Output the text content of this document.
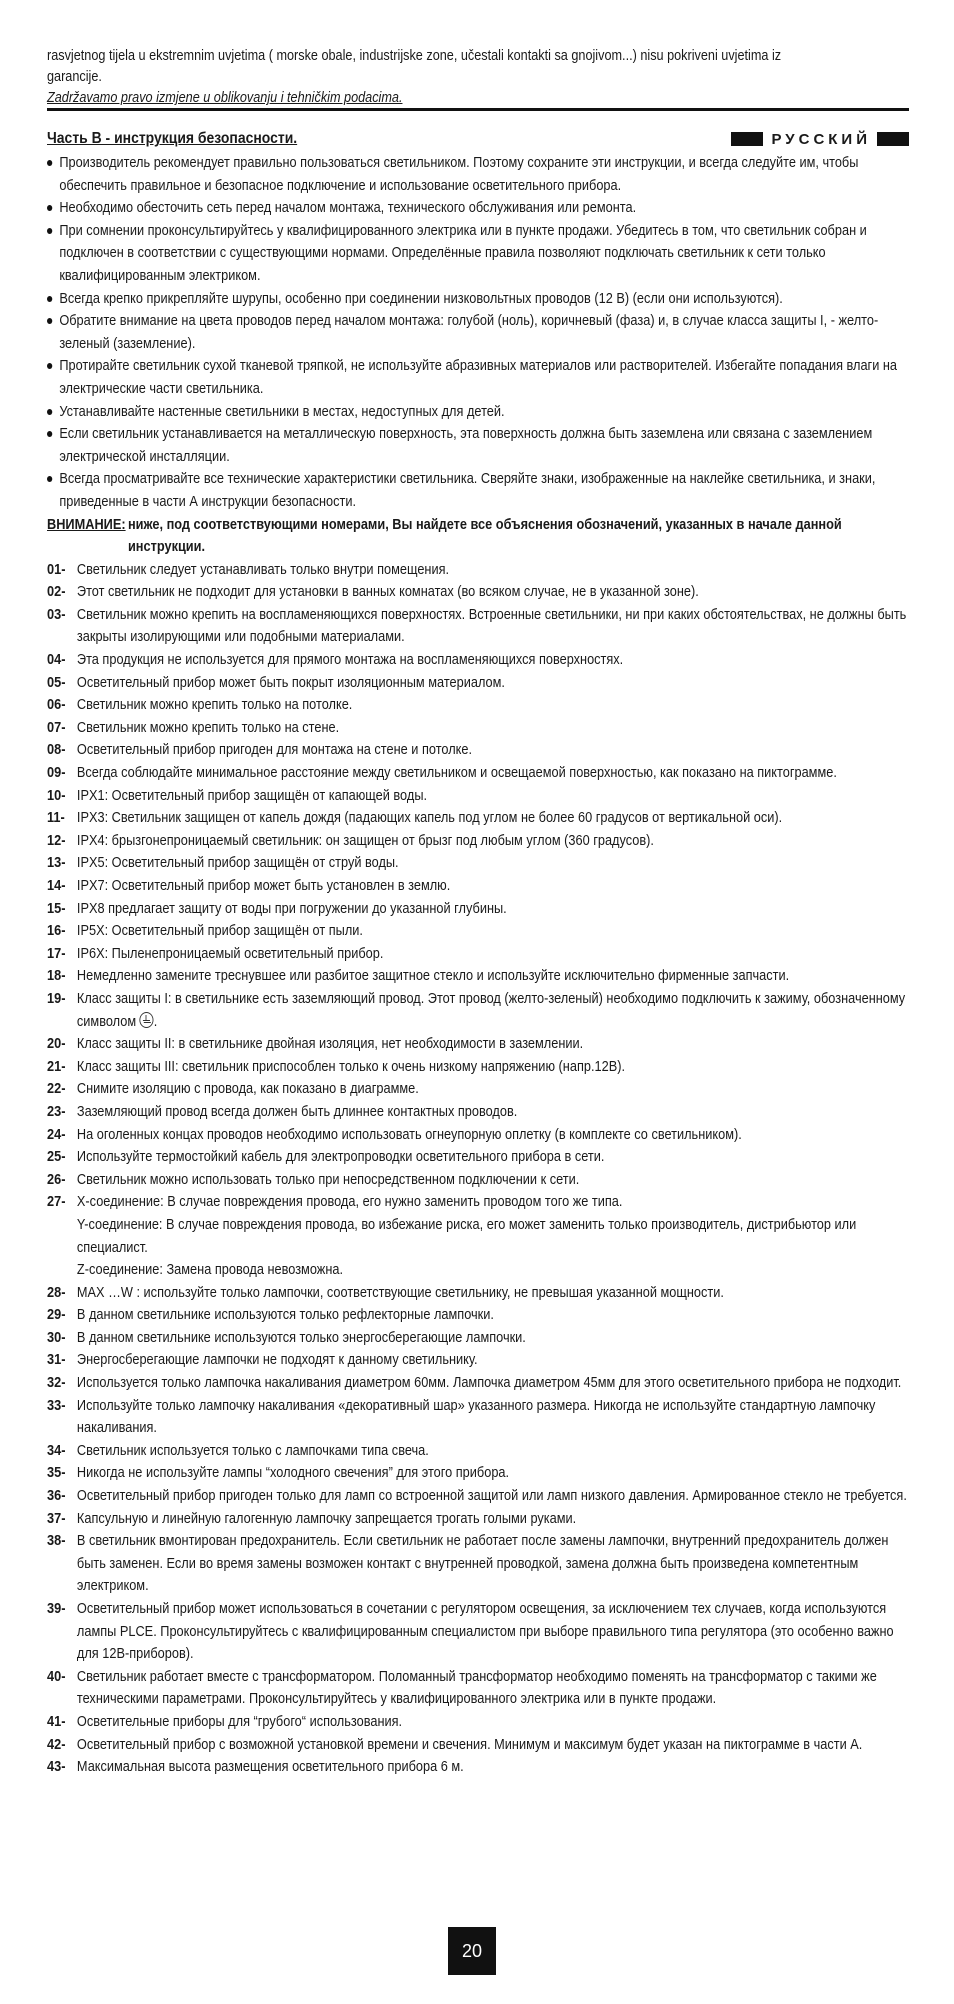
rasvjetnog tijela u ekstremnim uvjetima ( morske obale, industrijske zone, učestali kontakti sa gnojivom...) nisu pokriveni uvjetima iz
garancije.
Zadržavamo pravo izmjene u oblikovanju i tehničkim podacima.
Часть В - инструкция безопасности.	РУССКИЙ
Производитель рекомендует правильно пользоваться светильником. Поэтому сохраните эти инструкции, и всегда следуйте им, чтобы обеспечить правильное и безопасное подключение и использование осветительного прибора.
Необходимо обесточить сеть перед началом монтажа, технического обслуживания или ремонта.
При сомнении проконсультируйтесь у квалифицированного электрика или в пункте продажи. Убедитесь в том, что светильник собран и подключен в соответствии с существующими нормами. Определённые правила позволяют подключать светильник к сети только квалифицированным электриком.
Всегда крепко прикрепляйте шурупы, особенно при соединении низковольтных проводов (12 В) (если они используются).
Обратите внимание на цвета проводов перед началом монтажа: голубой (ноль), коричневый (фаза) и, в случае класса защиты I, - желто-зеленый (заземление).
Протирайте светильник сухой тканевой тряпкой, не используйте абразивных материалов или растворителей. Избегайте попадания влаги на электрические части светильника.
Устанавливайте настенные светильники в местах, недоступных для детей.
Если светильник устанавливается на металлическую поверхность, эта поверхность должна быть заземлена или связана с заземлением электрической инсталляции.
Всегда просматривайте все технические характеристики светильника. Сверяйте знаки, изображенные на наклейке светильника, и знаки, приведенные в части А инструкции безопасности.
ВНИМАНИЕ: ниже, под соответствующими номерами, Вы найдете все объяснения обозначений, указанных в начале данной инструкции.
01- Светильник следует устанавливать только внутри помещения.
02- Этот светильник не подходит для установки в ванных комнатах (во всяком случае, не в указанной зоне).
03- Светильник можно крепить на воспламеняющихся поверхностях. Встроенные светильники, ни при каких обстоятельствах, не должны быть закрыты изолирующими или подобными материалами.
04- Эта продукция не используется для прямого монтажа на воспламеняющихся поверхностях.
05- Осветительный прибор может быть покрыт изоляционным материалом.
06- Светильник можно крепить только на потолке.
07- Светильник можно крепить только на стене.
08- Осветительный прибор пригоден для монтажа на стене и потолке.
09- Всегда соблюдайте минимальное расстояние между светильником и освещаемой поверхностью, как показано на пиктограмме.
10- IPX1: Осветительный прибор защищён от капающей воды.
11- IPX3: Светильник защищен от капель дождя (падающих капель под углом не более 60 градусов от вертикальной оси).
12- IPX4: брызгонепроницаемый светильник: он защищен от брызг под любым углом (360 градусов).
13- IPX5: Осветительный прибор защищён от струй воды.
14- IPX7: Осветительный прибор может быть установлен в землю.
15- IPX8 предлагает защиту от воды при погружении до указанной глубины.
16- IP5X: Осветительный прибор защищён от пыли.
17- IP6X: Пыленепроницаемый осветительный прибор.
18- Немедленно замените треснувшее или разбитое защитное стекло и используйте исключительно фирменные запчасти.
19- Класс защиты I: в светильнике есть заземляющий провод. Этот провод (желто-зеленый) необходимо подключить к зажиму, обозначенному символом .
20- Класс защиты II: в светильнике двойная изоляция, нет необходимости в заземлении.
21- Класс защиты III: светильник приспособлен только к очень низкому напряжению (напр.12В).
22- Снимите изоляцию с провода, как показано в диаграмме.
23- Заземляющий провод всегда должен быть длиннее контактных проводов.
24- На оголенных концах проводов необходимо использовать огнеупорную оплетку (в комплекте со светильником).
25- Используйте термостойкий кабель для электропроводки осветительного прибора в сети.
26- Светильник можно использовать только при непосредственном подключении к сети.
27- X-соединение: В случае повреждения провода, его нужно заменить проводом того же типа.
Y-соединение: В случае повреждения провода, во избежание риска, его может заменить только производитель, дистрибьютор или специалист.
Z-соединение: Замена провода невозможна.
28- MAX …W : используйте только лампочки, соответствующие светильнику, не превышая указанной мощности.
29- В данном светильнике используются только рефлекторные лампочки.
30- В данном светильнике используются только энергосберегающие лампочки.
31- Энергосберегающие лампочки не подходят к данному светильнику.
32- Используется только лампочка накаливания диаметром 60мм. Лампочка диаметром 45мм для этого осветительного прибора не подходит.
33- Используйте только лампочку накаливания «декоративный шар» указанного размера. Никогда не используйте стандартную лампочку накаливания.
34- Светильник используется только с лампочками типа свеча.
35- Никогда не используйте лампы “холодного свечения” для этого прибора.
36- Осветительный прибор пригоден только для ламп со встроенной защитой или ламп низкого давления. Армированное стекло не требуется.
37- Капсульную и линейную галогенную лампочку запрещается трогать голыми руками.
38- В светильник вмонтирован предохранитель. Если светильник не работает после замены лампочки, внутренний предохранитель должен быть заменен. Если во время замены возможен контакт с внутренней проводкой, замена должна быть произведена компетентным электриком.
39- Осветительный прибор может использоваться в сочетании с регулятором освещения, за исключением тех случаев, когда используются лампы PLCE. Проконсультируйтесь с квалифицированным специалистом при выборе правильного типа регулятора (это особенно важно для 12В-приборов).
40- Светильник работает вместе с трансформатором. Поломанный трансформатор необходимо поменять на трансформатор с такими же техническими параметрами. Проконсультируйтесь у квалифицированного электрика или в пункте продажи.
41- Осветительные приборы для “грубого“ использования.
42- Осветительный прибор с возможной установкой времени и свечения. Минимум и максимум будет указан на пиктограмме в части А.
43- Максимальная высота размещения осветительного прибора 6 м.
20
